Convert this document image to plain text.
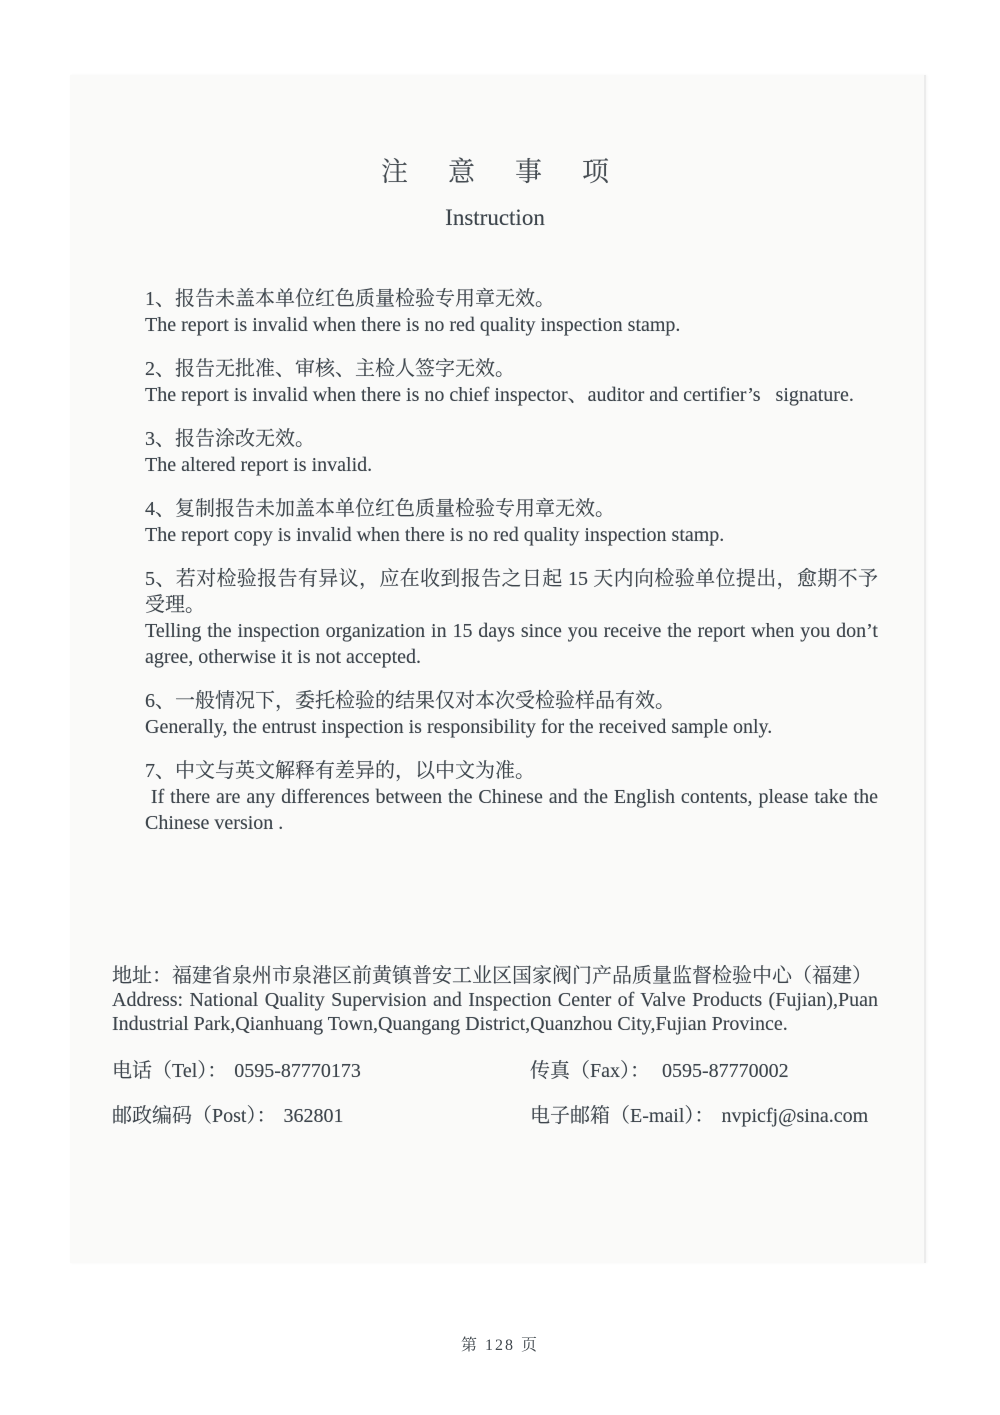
注意事项
Instruction
1、报告未盖本单位红色质量检验专用章无效。
The report is invalid when there is no red quality inspection stamp.
2、报告无批准、审核、主检人签字无效。
The report is invalid when there is no chief inspector、auditor and certifier’s   signature.
3、报告涂改无效。
The altered report is invalid.
4、复制报告未加盖本单位红色质量检验专用章无效。
The report copy is invalid when there is no red quality inspection stamp.
5、若对检验报告有异议，应在收到报告之日起 15 天内向检验单位提出，愈期不予受理。
Telling the inspection organization in 15 days since you receive the report when you don’t agree, otherwise it is not accepted.
6、一般情况下，委托检验的结果仅对本次受检验样品有效。
Generally, the entrust inspection is responsibility for the received sample only.
7、中文与英文解释有差异的，以中文为准。
If there are any differences between the Chinese and the English contents, please take the Chinese version .
地址：福建省泉州市泉港区前黄镇普安工业区国家阀门产品质量监督检验中心（福建）
Address: National Quality Supervision and Inspection Center of Valve Products (Fujian),Puan Industrial Park,Qianhuang Town,Quangang District,Quanzhou City,Fujian Province.
电话（Tel）： 0595-87770173	传真（Fax）： 0595-87770002
邮政编码（Post）： 362801	电子邮箱（E-mail）： nvpicfj@sina.com
第 128 页
